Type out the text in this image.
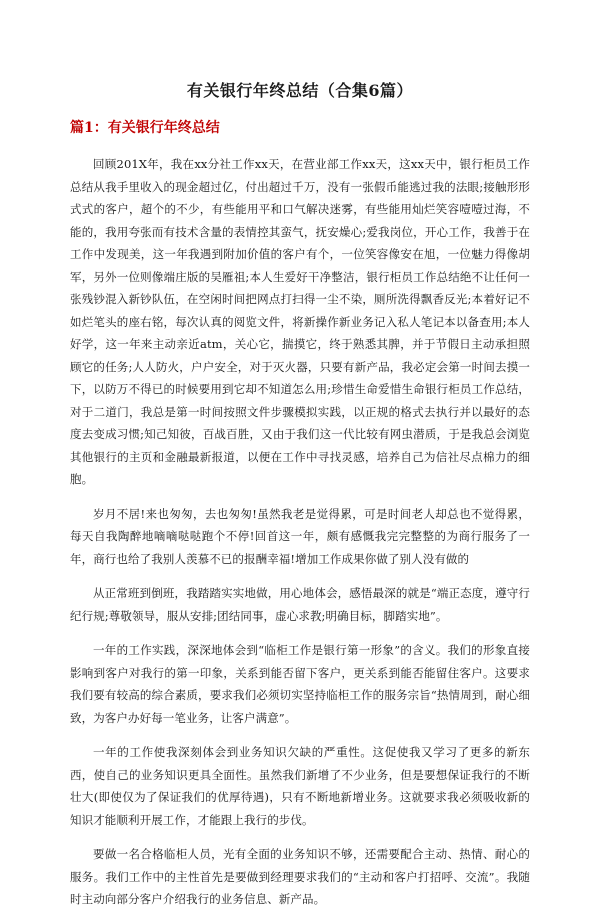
有关银行年终总结（合集6篇）
篇1：有关银行年终总结

回顾201X年，我在xx分社工作xx天，在营业部工作xx天，这xx天中，银行柜员工作总结从我手里收入的现金超过亿，付出超过千万，没有一张假币能逃过我的法眼;接触形形式式的客户，超个的不少，有些能用平和口气解决迷雾，有些能用灿烂笑容噎噎过海，不能的，我用夸张而有技术含量的表情控其蛮气，抚安燥心;爱我岗位，开心工作，我善于在工作中发现美，这一年我遇到附加价值的客户有个，一位笑容像安在旭，一位魅力得像胡军，另外一位则像端庄版的吴雁祖;本人生爱好干净整洁，银行柜员工作总结绝不让任何一张残钞混入新钞队伍，在空闲时间把网点打扫得一尘不染，厕所洗得飘香反光;本着好记不如烂笔头的座右铭，每次认真的阅览文件，将新操作新业务记入私人笔记本以备查用;本人好学，这一年来主动亲近atm，关心它，揣摸它，终于熟悉其脾，并于节假日主动承担照顾它的任务;人人防火，户户安全，对于灭火器，只要有新产品，我必定会第一时间去摸一下，以防万不得已的时候要用到它却不知道怎么用;珍惜生命爱惜生命银行柜员工作总结，对于二道门，我总是第一时间按照文件步骤模拟实践，以正规的格式去执行并以最好的态度去变成习惯;知己知彼，百战百胜，又由于我们这一代比较有网虫潜质，于是我总会浏览其他银行的主页和金融最新报道，以便在工作中寻找灵感，培养自己为信社尽点棉力的细胞。

岁月不居!来也匆匆，去也匆匆!虽然我老是觉得累，可是时间老人却总也不觉得累，每天自我陶醉地嘀嘀哒哒跑个不停!回首这一年，颇有感慨我完完整整的为商行服务了一年，商行也给了我别人羡慕不已的报酬幸福!增加工作成果你做了别人没有做的

从正常班到倒班，我踏踏实实地做，用心地体会，感悟最深的就是“端正态度，遵守行纪行规;尊敬领导，服从安排;团结同事，虚心求教;明确目标，脚踏实地”。

一年的工作实践，深深地体会到“临柜工作是银行第一形象”的含义。我们的形象直接影响到客户对我行的第一印象，关系到能否留下客户，更关系到能否能留住客户。这要求我们要有较高的综合素质，要求我们必须切实坚持临柜工作的服务宗旨“热情周到，耐心细致，为客户办好每一笔业务，让客户满意”。

一年的工作使我深刻体会到业务知识欠缺的严重性。这促使我又学习了更多的新东西，使自己的业务知识更具全面性。虽然我们新增了不少业务，但是要想保证我行的不断壮大(即使仅为了保证我们的优厚待遇)，只有不断地新增业务。这就要求我必须吸收新的知识才能顺利开展工作，才能跟上我行的步伐。

要做一名合格临柜人员，光有全面的业务知识不够，还需要配合主动、热情、耐心的服务。我们工作中的主性首先是要做到经理要求我们的“主动和客户打招呼、交流”。我随时主动向部分客户介绍我行的业务信息、新产品。
